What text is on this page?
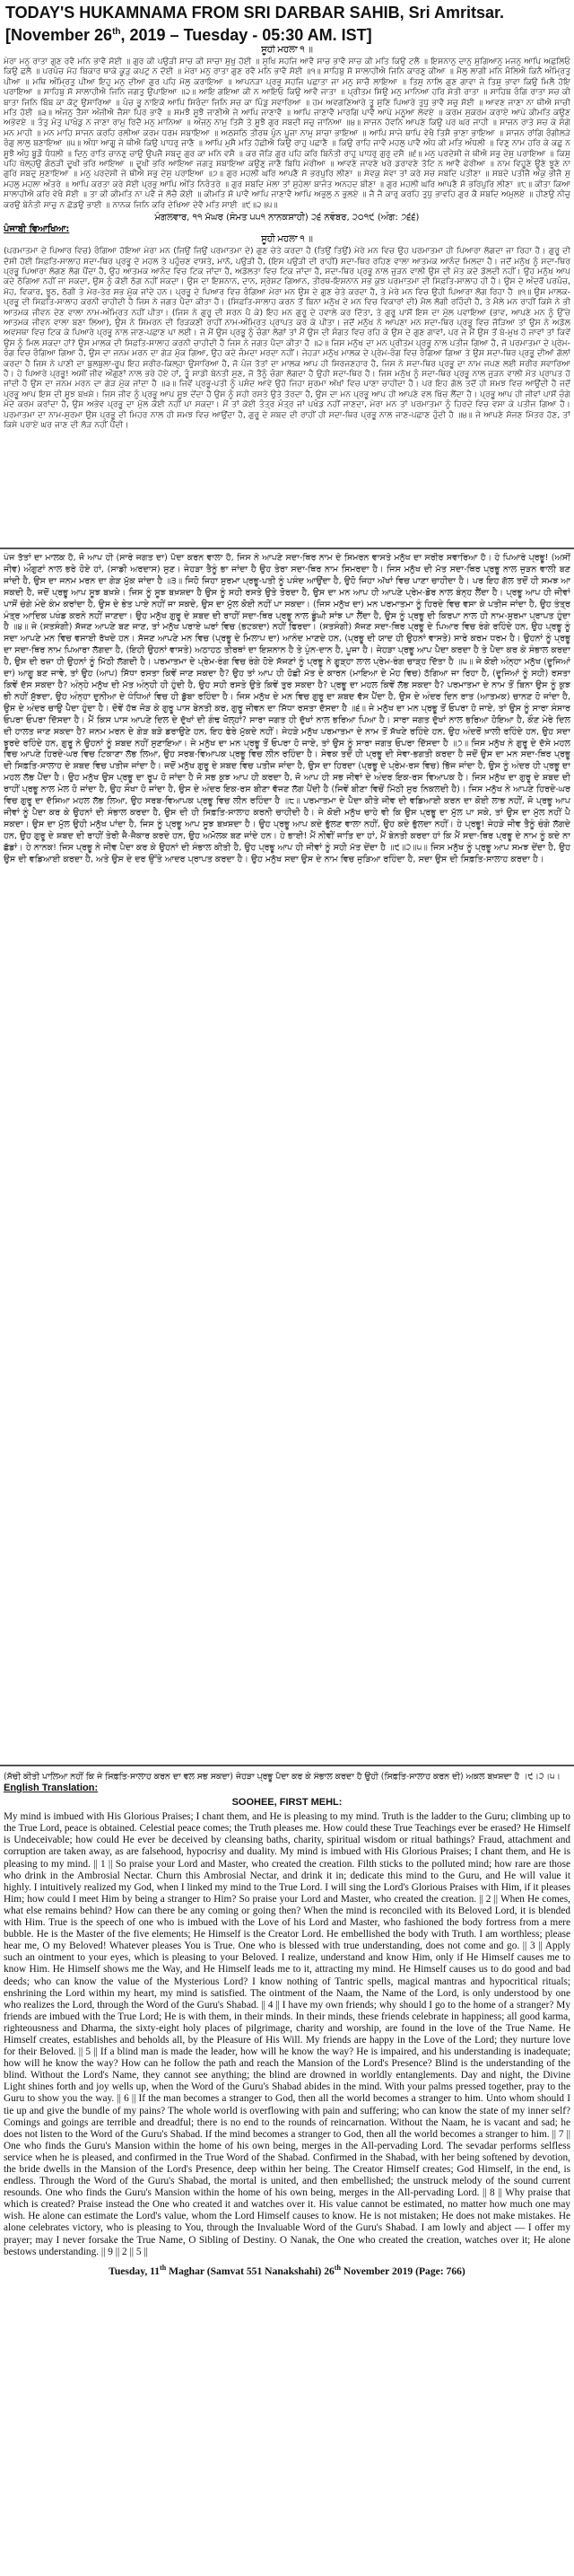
TODAY'S HUKAMNAMA FROM SRI DARBAR SAHIB, Sri Amritsar.
[November 26th, 2019 – Tuesday - 05:30 AM. IST]
ਸੂਹੀ ਮਹਲਾ ੧ ॥
ਮੇਰਾ ਮਨੁ ਰਾਤਾ ਗੁਣ ਰਵੈ ਮਨਿ ਭਾਵੈ ਸੋਈ ॥ ਗੁਰ ਕੀ ਪਉੜੀ ਸਾਚ ਕੀ ਸਾਚਾ ਸੁਖੁ ਹੋਈ ॥ ਸੁਖਿ ਸਹਜਿ ਆਵੈ ਸਾਚ ਭਾਵੈ ਸਾਚ ਕੀ ਮਤਿ ਕਿਉ ਟਲੈ ॥ ਇਸਨਾਨੁ ਦਾਨੁ ਸੁਗਿਆਨੁ ਮਜਨੁ ਆਪਿ ਅਛਲਿਓ ਕਿਉ ਛਲੈ ॥ ਪਰਪੰਚ ਮੋਹ ਬਿਕਾਰ ਥਾਕੇ ਕੂੜੁ ਕਪਟੁ ਨ ਦੋਈ ॥ ਮੇਰਾ ਮਨੁ ਰਾਤਾ ਗੁਣ ਰਵੈ ਮਨਿ ਭਾਵੈ ਸੋਈ ॥੧॥ ਸਾਹਿਬੁ ਸੋ ਸਾਲਾਹੀਐ ਜਿਨਿ ਕਾਰਣੁ ਕੀਆ ॥ ਮੈਲੁ ਲਾਗੀ ਮਨਿ ਮੈਲਿਐ ਕਿਨੈ ਅੰਮ੍ਰਿਤੁ ਪੀਆ ॥ ਮਥਿ ਅੰਮ੍ਰਿਤੁ ਪੀਆ ਇਹੁ ਮਨੁ ਦੀਆ ਗੁਰ ਪਹਿ ਮੋਲੁ ਕਰਾਇਆ ॥ ਆਪਨੜਾ ਪ੍ਰਭੁ ਸਹਜਿ ਪਛਾਤਾ ਜਾ ਮਨੁ ਸਾਚੈ ਲਾਇਆ ॥ ਤਿਸੁ ਨਾਲਿ ਗੁਣ ਗਾਵਾ ਜੇ ਤਿਸੁ ਭਾਵਾ ਕਿਉ ਮਿਲੈ ਹੋਇ ਪਰਾਇਆ ॥ ਸਾਹਿਬੁ ਸੋ ਸਾਲਾਹੀਐ ਜਿਨਿ ਜਗਤੁ ਉਪਾਇਆ ॥੨॥ ਆਇ ਗਇਆ ਕੀ ਨ ਆਇਓ ਕਿਉ ਆਵੈ ਜਾਤਾ ॥ ਪ੍ਰੀਤਮ ਸਿਉ ਮਨੁ ਮਾਨਿਆ ਹਰਿ ਸੇਤੀ ਰਾਤਾ ॥ ਸਾਹਿਬ ਰੰਗਿ ਰਾਤਾ ਸਚ ਕੀ ਬਾਤਾ ਜਿਨਿ ਬਿੰਬ ਕਾ ਕੋਟੁ ਉਸਾਰਿਆ ॥ ਪੰਚ ਭੂ ਨਾਇਕੋ ਆਪਿ ਸਿਰੰਦਾ ਜਿਨਿ ਸਚ ਕਾ ਪਿੰਡੁ ਸਵਾਰਿਆ ॥ ਹਮ ਅਵਗਣਿਆਰੇ ਤੂ ਸੁਣਿ ਪਿਆਰੇ ਤੁਧੁ ਭਾਵੈ ਸਚੁ ਸੋਈ ॥ ਆਵਣ ਜਾਣਾ ਨਾ ਥੀਐ ਸਾਚੀ ਮਤਿ ਹੋਈ ॥੩॥ ਅੰਜਨੁ ਤੈਸਾ ਅੰਜੀਐ ਜੈਸਾ ਪਿਰ ਭਾਵੈ ॥ ਸਮਝੈ ਸੂਝੈ ਜਾਣੀਐ ਜੇ ਆਪਿ ਜਾਣਾਵੈ ॥ ਆਪਿ ਜਾਣਾਵੈ ਮਾਰਗਿ ਪਾਵੈ ਆਪੇ ਮਨੂਆ ਲੇਵਏ ॥ ਕਰਮ ਸੁਕਰਮ ਕਰਾਏ ਆਪੇ ਕੀਮਤਿ ਕਉਣ ਅਭੇਵਏ ॥ ਤੰਤੁ ਮੰਤੁ ਪਾਖੰਡੁ ਨ ਜਾਣਾ ਰਾਮੁ ਰਿਦੈ ਮਨੁ ਮਾਨਿਆ ॥ ਅੰਜਨੁ ਨਾਮੁ ਤਿਸੈ ਤੇ ਸੂਝੈ ਗੁਰ ਸਬਦੀ ਸਚੁ ਜਾਨਿਆ ॥੪॥ ਸਾਜਨ ਹੋਵਨਿ ਆਪਣੇ ਕਿਉ ਪਰ ਘਰ ਜਾਹੀ ॥ ਸਾਜਨ ਰਾਤੇ ਸਚ ਕੇ ਸੰਗੇ ਮਨ ਮਾਹੀ ॥ ਮਨ ਮਾਹਿ ਸਾਜਨ ਕਰਹਿ ਰਲੀਆ ਕਰਮ ਧਰਮ ਸਬਾਇਆ ॥ ਅਠਸਠਿ ਤੀਰਥ ਪੁੰਨ ਪੂਜਾ ਨਾਮੁ ਸਾਚਾ ਭਾਇਆ ॥ ਆਪਿ ਸਾਜੇ ਥਾਪਿ ਵੇਖੈ ਤਿਸੈ ਭਾਣਾ ਭਾਇਆ ॥ ਸਾਜਨ ਰਾਂਗਿ ਰੰਗੀਲੜੇ ਰੰਗੁ ਲਾਲੁ ਬਣਾਇਆ ॥੫॥ ਅੰਧਾ ਆਗੂ ਜੇ ਥੀਐ ਕਿਉ ਪਾਧਰੁ ਜਾਣੈ ॥ ਆਪਿ ਮੁਸੈ ਮਤਿ ਹੋਛੀਐ ਕਿਉ ਰਾਹੁ ਪਛਾਣੈ ॥ ਕਿਉ ਰਾਹਿ ਜਾਵੈ ਮਹਲੁ ਪਾਵੈ ਅੰਧ ਕੀ ਮਤਿ ਅੰਧਲੀ ॥ ਵਿਣੁ ਨਾਮ ਹਰਿ ਕੇ ਕਛੁ ਨ ਸੂਝੈ ਅੰਧੁ ਬੂਡੌ ਧੰਧਲੀ ॥ ਦਿਨੁ ਰਾਤਿ ਚਾਨਣੁ ਚਾਉ ਉਪਜੈ ਸਬਦੁ ਗੁਰ ਕਾ ਮਨਿ ਵਸੈ ॥ ਕਰ ਜੋੜਿ ਗੁਰ ਪਹਿ ਕਰਿ ਬਿਨੰਤੀ ਰਾਹੁ ਪਾਧਰੁ ਗੁਰੁ ਦਸੈ ॥੬॥ ਮਨੁ ਪਰਦੇਸੀ ਜੇ ਥੀਐ ਸਭੁ ਦੇਸੁ ਪਰਾਇਆ ॥ ਕਿਸੁ ਪਹਿ ਖੋਲ੍ਹਉ ਗੰਠੜੀ ਦੂਖੀ ਭਰਿ ਆਇਆ ॥ ਦੂਖੀ ਭਰਿ ਆਇਆ ਜਗਤੁ ਸਬਾਇਆ ਕਉਣੁ ਜਾਣੈ ਬਿਧਿ ਮੇਰੀਆ ॥ ਆਵਣੇ ਜਾਵਣੇ ਖਰੇ ਡਰਾਵਣੇ ਤੋਟਿ ਨ ਆਵੈ ਫੇਰੀਆ ॥ ਨਾਮ ਵਿਹੂਣੇ ਊਣੇ ਝੂਣੇ ਨਾ ਗੁਰਿ ਸਬਦੁ ਸੁਣਾਇਆ ॥ ਮਨੁ ਪਰਦੇਸੀ ਜੇ ਥੀਐ ਸਭੁ ਦੇਸੁ ਪਰਾਇਆ ॥੭॥ ਗੁਰ ਮਹਲੀ ਘਰਿ ਆਪਣੈ ਸੋ ਭਰਪੁਰਿ ਲੀਣਾ ॥ ਸੇਵਕੁ ਸੇਵਾ ਤਾਂ ਕਰੇ ਸਚ ਸਬਦਿ ਪਤੀਣਾ ॥ ਸਬਦੇ ਪਤੀਜੈ ਅੰਕੁ ਭੀਜੈ ਸੁ ਮਹਲੁ ਮਹਲਾ ਅੰਤਰੇ ॥ ਆਪਿ ਕਰਤਾ ਕਰੇ ਸੋਈ ਪ੍ਰਭੁ ਆਪਿ ਅੰਤਿ ਨਿਰੰਤਰੇ ॥ ਗੁਰ ਸਬਦਿ ਮੇਲਾ ਤਾਂ ਸੁਹੇਲਾ ਬਾਜੰਤ ਅਨਹਦ ਬੀਣਾ ॥ ਗੁਰ ਮਹਲੀ ਘਰਿ ਆਪਣੈ ਸੋ ਭਰਿਪੁਰਿ ਲੀਣਾ ॥੮॥ ਕੀਤਾ ਕਿਆ ਸਾਲਾਹੀਐ ਕਰਿ ਵੇਖੈ ਸੋਈ ॥ ਤਾ ਕੀ ਕੀਮਤਿ ਨਾ ਪਵੈ ਜੇ ਲੋਚੈ ਕੋਈ ॥ ਕੀਮਤਿ ਸੋ ਪਾਵੈ ਆਪਿ ਜਾਣਾਵੈ ਆਪਿ ਅਭੁਲੁ ਨ ਭੁਲਏ ॥ ਜੈ ਜੈ ਕਾਰੁ ਕਰਹਿ ਤੁਧੁ ਭਾਵਹਿ ਗੁਰ ਕੈ ਸਬਦਿ ਅਮੁਲਏ ॥ ਹੀਣਉ ਨੀਚੁ ਕਰਉ ਬੇਨੰਤੀ ਸਾਚੁ ਨ ਛੋਡਉ ਭਾਈ ॥ ਨਾਨਕ ਜਿਨਿ ਕਰਿ ਦੇਖਿਆ ਦੇਵੈ ਮਤਿ ਸਾਈ ॥੯॥੨॥੫॥
ਮੰਗਲਵਾਰ, ੧੧ ਮੱਘਰ (ਸੰਮਤ ੫੫੧ ਨਾਨਕਸ਼ਾਹੀ) ੨੬ ਨਵੰਬਰ, ੨੦੧੯ (ਅੰਗ: ੭੬੬)
ਪੰਜਾਬੀ ਵਿਆਖਿਆ:
ਸੂਹੀ ਮਹਲਾ ੧ ॥
(ਪਰਮਾਤਮਾ ਦੇ ਪਿਆਰ ਵਿਚ) ਰੰਗਿਆ ਹੋਇਆ ਮੇਰਾ ਮਨ (ਜਿਉਂ ਜਿਉਂ ਪਰਮਾਤਮਾ ਦੇ) ਗੁਣ ਚੇਤੇ ਕਰਦਾ ਹੈ (ਤਿਉਂ ਤਿਉਂ) ਮੇਰੇ ਮਨ ਵਿਚ ਉਹ ਪਰਮਾਤਮਾ ਹੀ ਪਿਆਰਾ ਲੱਗਦਾ ਜਾ ਰਿਹਾ ਹੈ। ਗੁਰੂ ਦੀ ਦੱਸੀ ਹੋਈ ਸਿਫ਼ਤਿ-ਸਾਲਾਹ ਸਦਾ-ਥਿਰ ਪ੍ਰਭੂ ਦੇ ਮਹਲ ਤੇ ਪਹੁੰਚਣ ਵਾਸਤੇ, ਮਾਨੋ, ਪਉੜੀ ਹੈ, (ਇਸ ਪਉੜੀ ਦੀ ਰਾਹੀਂ) ਸਦਾ-ਥਿਰ ਰਹਿਣ ਵਾਲਾ ਆਤਮਕ ਆਨੰਦ ਮਿਲਦਾ ਹੈ। ਜਦੋਂ ਮਨੁੱਖ ਨੂੰ ਸਦਾ-ਥਿਰ ਪ੍ਰਭੂ ਪਿਆਰਾ ਲੱਗਣ ਲੱਗ ਪੈਂਦਾ ਹੈ, ਉਹ ਆਤਮਕ ਆਨੰਦ ਵਿਚ ਟਿਕ ਜਾਂਦਾ ਹੈ, ਅਡੋਲਤਾ ਵਿਚ ਟਿਕ ਜਾਂਦਾ ਹੈ, ਸਦਾ-ਥਿਰ ਪ੍ਰਭੂ ਨਾਲ ਜੁੜਨ ਵਾਲੀ ਉਸ ਦੀ ਮੱਤ ਕਦੇ ਡੋਲਦੀ ਨਹੀਂ। ਉਹ ਮਨੁੱਖ ਆਪ ਕਦੇ ਠੱਗਿਆ ਨਹੀਂ ਜਾ ਸਕਦਾ, ਉਸ ਨੂੰ ਕੋਈ ਠੱਗ ਨਹੀਂ ਸਕਦਾ। ਉਸ ਦਾ ਇਸ਼ਨਾਨ, ਦਾਨ, ਸ੍ਰੇਸ਼ਟ ਗਿਆਨ, ਤੀਰਥ-ਇਸ਼ਨਾਨ ਸਭ ਕੁਝ ਪਰਮਾਤਮਾ ਦੀ ਸਿਫ਼ਤਿ-ਸਾਲਾਹ ਹੀ ਹੈ। ਉਸ ਦੇ ਅੰਦਰੋਂ ਪਰਪੰਚ, ਮੋਹ, ਵਿਕਾਰ, ਝੂਠ, ਠੱਗੀ ਤੇ ਮੇਰ-ਤੇਰ ਸਭ ਮੁੱਕ ਜਾਂਦੇ ਹਨ। ਪ੍ਰਭੂ ਦੇ ਪਿਆਰ ਵਿਚ ਰੰਗਿਆ ਮੇਰਾ ਮਨ ਉਸ ਦੇ ਗੁਣ ਚੇਤੇ ਕਰਦਾ ਹੈ, ਤੇ ਮੇਰੇ ਮਨ ਵਿਚ ਉਹੀ ਪਿਆਰਾ ਲੱਗ ਰਿਹਾ ਹੈ ॥੧॥ ਉਸ ਮਾਲਕ-ਪ੍ਰਭੂ ਦੀ ਸਿਫ਼ਤਿ-ਸਾਲਾਹ ਕਰਨੀ ਚਾਹੀਦੀ ਹੈ ਜਿਸ ਨੇ ਜਗਤ ਪੈਦਾ ਕੀਤਾ ਹੈ। (ਸਿਫ਼ਤਿ-ਸਾਲਾਹ ਕਰਨ ਤੋਂ ਬਿਨਾ ਮਨੁੱਖ ਦੇ ਮਨ ਵਿਚ ਵਿਕਾਰਾਂ ਦੀ) ਮੈਲ ਲੱਗੀ ਰਹਿੰਦੀ ਹੈ, ਤੇ ਮੈਲੇ ਮਨ ਰਾਹੀਂ ਕਿਸੇ ਨੇ ਭੀ ਆਤਮਕ ਜੀਵਨ ਦੇਣ ਵਾਲਾ ਨਾਮ-ਅੰਮ੍ਰਿਤ ਨਹੀਂ ਪੀਤਾ। (ਜਿਸ ਨੇ ਗੁਰੂ ਦੀ ਸਰਨ ਪੈ ਕੇ) ਇਹ ਮਨ ਗੁਰੂ ਦੇ ਹਵਾਲੇ ਕਰ ਦਿੱਤਾ, ਤੇ ਗੁਰੂ ਪਾਸੋਂ ਇਸ ਦਾ ਮੁੱਲ ਪਵਾਇਆ (ਭਾਵ, ਆਪਣੇ ਮਨ ਨੂੰ ਉੱਚੇ ਆਤਮਕ ਜੀਵਨ ਵਾਲਾ ਬਣਾ ਲਿਆ), ਉਸ ਨੇ ਸਿਮਰਨ ਦੀ ਰਿੜਕਣੀ ਰਾਹੀਂ ਨਾਮ-ਅੰਮ੍ਰਿਤ ਪ੍ਰਾਪਤ ਕਰ ਕੇ ਪੀਤਾ। ਜਦੋਂ ਮਨੁੱਖ ਨੇ ਆਪਣਾ ਮਨ ਸਦਾ-ਥਿਰ ਪ੍ਰਭੂ ਵਿਚ ਜੋੜਿਆ ਤਾਂ ਉਸ ਨੇ ਅਡੋਲ ਅਵਸਥਾ ਵਿਚ ਟਿਕ ਕੇ ਪਿਆਰੇ ਪ੍ਰਭੂ ਨਾਲ ਜਾਣ-ਪਛਾਣ ਪਾ ਲਈ। ਜੇ ਮੈਂ ਉਸ ਪ੍ਰਭੂ ਨੂੰ ਚੰਗਾ ਲੱਗਾਂ ਤਾਂ ਮੈਂ ਉਸ ਦੀ ਸੰਗਤ ਵਿਚ ਰਹਿ ਕੇ ਉਸ ਦੇ ਗੁਣ ਗਾਵਾਂ, ਪਰ ਜੇ ਮੈਂ ਉਸ ਤੋਂ ਬੇ-ਮੁਖ ਹੋ ਜਾਵਾਂ ਤਾਂ ਕਿਵੇਂ ਉਸ ਨੂੰ ਮਿਲ ਸਕਦਾ ਹਾਂ? ਉਸ ਮਾਲਕ ਦੀ ਸਿਫ਼ਤਿ-ਸਾਲਾਹ ਕਰਨੀ ਚਾਹੀਦੀ ਹੈ ਜਿਸ ਨੇ ਜਗਤ ਪੈਦਾ ਕੀਤਾ ਹੈ ॥੨॥ ਜਿਸ ਮਨੁੱਖ ਦਾ ਮਨ ਪ੍ਰੀਤਮ ਪ੍ਰਭੂ ਨਾਲ ਪਤੀਜ ਗਿਆ ਹੈ, ਜੋ ਪਰਮਾਤਮਾ ਦੇ ਪ੍ਰੇਮ-ਰੰਗ ਵਿਚ ਰੰਗਿਆ ਗਿਆ ਹੈ, ਉਸ ਦਾ ਜਨਮ ਮਰਨ ਦਾ ਗੇੜ ਮੁੱਕ ਗਿਆ, ਉਹ ਕਦੇ ਜੰਮਦਾ ਮਰਦਾ ਨਹੀਂ। ਜੇਹੜਾ ਮਨੁੱਖ ਮਾਲਕ ਦੇ ਪ੍ਰੇਮ-ਰੰਗ ਵਿਚ ਰੰਗਿਆ ਗਿਆ ਤੇ ਉਸ ਸਦਾ-ਥਿਰ ਪ੍ਰਭੂ ਦੀਆਂ ਗੱਲਾਂ ਕਰਦਾ ਹੈ ਜਿਸ ਨੇ ਪਾਣੀ ਦਾ ਬੁਲਬੁਲਾ-ਰੂਪ ਇਹ ਸਰੀਰ-ਕਿਲ੍ਹਾ ਉਸਾਰਿਆ ਹੈ, ਜੋ ਪੰਜ ਤੱਤਾਂ ਦਾ ਮਾਲਕ ਆਪ ਹੀ ਸਿਰਜਣਹਾਰ ਹੈ, ਜਿਸ ਨੇ ਸਦਾ-ਥਿਰ ਪ੍ਰਭੂ ਦਾ ਨਾਮ ਜਪਣ ਲਈ ਸਰੀਰ ਸਵਾਰਿਆ ਹੈ। ਹੇ ਪਿਆਰੇ ਪ੍ਰਭੂ! ਅਸੀਂ ਜੀਵ ਔਗੁਣਾਂ ਨਾਲ ਭਰੇ ਹੋਏ ਹਾਂ, ਤੂੰ ਸਾਡੀ ਬੇਨਤੀ ਸੁਣ, ਜੋ ਤੈਨੂੰ ਚੰਗਾ ਲੱਗਦਾ ਹੈ ਉਹੀ ਸਦਾ-ਥਿਰ ਹੈ। ਜਿਸ ਮਨੁੱਖ ਨੂੰ ਸਦਾ-ਥਿਰ ਪ੍ਰਭੂ ਨਾਲ ਜੁੜਨ ਵਾਲੀ ਮੱਤ ਪ੍ਰਾਪਤ ਹੋ ਜਾਂਦੀ ਹੈ ਉਸ ਦਾ ਜਨਮ ਮਰਨ ਦਾ ਗੇੜ ਮੁੱਕ ਜਾਂਦਾ ਹੈ ॥੩॥ ਜਿਵੇਂ ਪ੍ਰਭੂ-ਪਤੀ ਨੂੰ ਪਸੰਦ ਆਵੇ ਉਹੋ ਜਿਹਾ ਸੁਰਮਾ ਅੱਖਾਂ ਵਿਚ ਪਾਣਾ ਚਾਹੀਦਾ ਹੈ। ਪਰ ਇਹ ਗੱਲ ਤਦੋਂ ਹੀ ਸਮਝ ਵਿਚ ਆਉਂਦੀ ਹੈ ਜਦੋਂ ਪ੍ਰਭੂ ਆਪ ਇਸ ਦੀ ਸੂਝ ਬਖ਼ਸ਼ੇ। ਜਿਸ ਜੀਵ ਨੂੰ ਪ੍ਰਭੂ ਆਪ ਸੂਝ ਦੇਂਦਾ ਹੈ ਉਸ ਨੂੰ ਸਹੀ ਰਸਤੇ ਉਤੇ ਤੋਰਦਾ ਹੈ, ਉਸ ਦਾ ਮਨ ਪ੍ਰਭੂ ਆਪ ਹੀ ਆਪਣੇ ਵਲ ਖਿੱਚ ਲੈਂਦਾ ਹੈ। ਪ੍ਰਭੂ ਆਪ ਹੀ ਜੀਵਾਂ ਪਾਸੋਂ ਚੰਗੇ ਮੰਦੇ ਕਰਮ ਕਰਾਂਦਾ ਹੈ, ਉਸ ਅਭੇਵ ਪ੍ਰਭੂ ਦਾ ਮੁੱਲ ਕੋਈ ਨਹੀਂ ਪਾ ਸਕਦਾ। ਮੈਂ ਤਾਂ ਕੋਈ ਤੰਤ੍ਰ ਮੰਤ੍ਰ ਜਾਂ ਪਖੰਡ ਨਹੀਂ ਜਾਣਦਾ, ਮੇਰਾ ਮਨ ਤਾਂ ਪਰਮਾਤਮਾ ਨੂੰ ਹਿਰਦੇ ਵਿਚ ਵਸਾ ਕੇ ਪਤੀਜ ਗਿਆ ਹੈ। ਪਰਮਾਤਮਾ ਦਾ ਨਾਮ-ਸੁਰਮਾ ਉਸ ਪ੍ਰਭੂ ਦੀ ਮਿਹਰ ਨਾਲ ਹੀ ਸਮਝ ਵਿਚ ਆਉਂਦਾ ਹੈ, ਗੁਰੂ ਦੇ ਸ਼ਬਦ ਦੀ ਰਾਹੀਂ ਹੀ ਸਦਾ-ਥਿਰ ਪ੍ਰਭੂ ਨਾਲ ਜਾਣ-ਪਛਾਣ ਹੁੰਦੀ ਹੈ ॥੪॥ ਜੇ ਆਪਣੇ ਸੱਜਣ ਮਿੱਤਰ ਹੋਣ, ਤਾਂ ਕਿਸੇ ਪਰਾਏ ਘਰ ਜਾਣ ਦੀ ਲੋੜ ਨਹੀਂ ਪੈਂਦੀ।
ਪੰਜ ਤੱਤਾਂ ਦਾ ਮਾਲਕ ਹੈ, ਜੋ ਆਪ ਹੀ (ਸਾਰੇ ਜਗਤ ਦਾ) ਪੈਦਾ ਕਰਨ ਵਾਲਾ ਹੈ, ਜਿਸ ਨੇ ਆਪਣੇ ਸਦਾ-ਥਿਰ ਨਾਮ ਦੇ ਸਿਮਰਨ ਵਾਸਤੇ ਮਨੁੱਖ ਦਾ ਸਰੀਰ ਸਵਾਰਿਆ ਹੈ। ਹੇ ਪਿਆਰੇ ਪ੍ਰਭੂ! (ਅਸੀਂ ਜੀਵ) ਔਗੁਣਾਂ ਨਾਲ ਭਰੇ ਹੋਏ ਹਾਂ, (ਸਾਡੀ ਅਰਦਾਸ) ਸੁਣ। ਜੇਹੜਾ ਤੈਨੂੰ ਭਾ ਜਾਂਦਾ ਹੈ ਉਹ ਤੇਰਾ ਸਦਾ-ਥਿਰ ਨਾਮ ਸਿਮਰਦਾ ਹੈ। ਜਿਸ ਮਨੁੱਖ ਦੀ ਮੱਤ ਸਦਾ-ਥਿਰ ਪ੍ਰਭੂ ਨਾਲ ਜੁੜਨ ਵਾਲੀ ਬਣ ਜਾਂਦੀ ਹੈ, ਉਸ ਦਾ ਜਨਮ ਮਰਨ ਦਾ ਗੇੜ ਮੁੱਕ ਜਾਂਦਾ ਹੈ ॥੩॥ ਜਿਹੋ ਜਿਹਾ ਸੁਰਮਾ ਪ੍ਰਭੂ-ਪਤੀ ਨੂੰ ਪਸੰਦ ਆਉਂਦਾ ਹੈ, ਉਹੋ ਜਿਹਾ ਅੱਖਾਂ ਵਿਚ ਪਾਣਾ ਚਾਹੀਦਾ ਹੈ। ਪਰ ਇਹ ਗੱਲ ਤਦੋਂ ਹੀ ਸਮਝ ਆ ਸਕਦੀ ਹੈ, ਜਦੋਂ ਪ੍ਰਭੂ ਆਪ ਸੂਝ ਬਖ਼ਸ਼ੇ। ਜਿਸ ਨੂੰ ਸੂਝ ਬਖ਼ਸ਼ਦਾ ਹੈ ਉਸ ਨੂੰ ਸਹੀ ਰਸਤੇ ਉਤੇ ਤੋਰਦਾ ਹੈ, ਉਸ ਦਾ ਮਨ ਆਪ ਹੀ ਆਪਣੇ ਪ੍ਰੇਮ-ਡੋਰ ਨਾਲ ਬੰਨ੍ਹ ਲੈਂਦਾ ਹੈ। ਪ੍ਰਭੂ ਆਪ ਹੀ ਜੀਵਾਂ ਪਾਸੋਂ ਚੰਗੇ ਮੰਦੇ ਕੰਮ ਕਰਾਂਦਾ ਹੈ, ਉਸ ਦੇ ਭੇਤ ਪਾਏ ਨਹੀਂ ਜਾ ਸਕਦੇ, ਉਸ ਦਾ ਮੁੱਲ ਕੋਈ ਨਹੀਂ ਪਾ ਸਕਦਾ। (ਜਿਸ ਮਨੁੱਖ ਦਾ) ਮਨ ਪਰਮਾਤਮਾ ਨੂੰ ਹਿਰਦੇ ਵਿਚ ਵਸਾ ਕੇ ਪਤੀਜ ਜਾਂਦਾ ਹੈ, ਉਹ ਤੰਤ੍ਰ ਮੰਤ੍ਰ ਆਦਿਕ ਪਖੰਡ ਕਰਨੇ ਨਹੀਂ ਜਾਣਦਾ। ਉਹ ਮਨੁੱਖ ਗੁਰੂ ਦੇ ਸ਼ਬਦ ਦੀ ਰਾਹੀਂ ਸਦਾ-ਥਿਰ ਪ੍ਰਭੂ ਨਾਲ ਡੂੰਘੀ ਸਾਂਝ ਪਾ ਲੈਂਦਾ ਹੈ, ਉਸ ਨੂੰ ਪ੍ਰਭੂ ਦੀ ਕਿਰਪਾ ਨਾਲ ਹੀ ਨਾਮ-ਸੁਰਮਾ ਪ੍ਰਾਪਤ ਹੁੰਦਾ ਹੈ ॥੪॥ ਜੇ (ਸਤਸੰਗੀ) ਸੱਜਣ ਆਪਣੇ ਬਣ ਜਾਣ, ਤਾਂ ਮਨੁੱਖ ਪਰਾਏ ਘਰਾਂ ਵਿਚ (ਭਟਕਦਾ) ਨਹੀਂ ਫਿਰਦਾ। (ਸਤਸੰਗੀ) ਸੱਜਣ ਸਦਾ-ਥਿਰ ਪ੍ਰਭੂ ਦੇ ਪਿਆਰ ਵਿਚ ਰੰਗੇ ਰਹਿੰਦੇ ਹਨ, ਉਹ ਪ੍ਰਭੂ ਨੂੰ ਸਦਾ ਆਪਣੇ ਮਨ ਵਿਚ ਵਸਾਈ ਰੱਖਦੇ ਹਨ। ਸੱਜਣ ਆਪਣੇ ਮਨ ਵਿਚ (ਪ੍ਰਭੂ ਦੇ ਮਿਲਾਪ ਦਾ) ਆਨੰਦ ਮਾਣਦੇ ਹਨ, (ਪ੍ਰਭੂ ਦੀ ਯਾਦ ਹੀ ਉਹਨਾਂ ਵਾਸਤੇ) ਸਾਰੇ ਕਰਮ ਧਰਮ ਹੈ। ਉਹਨਾਂ ਨੂੰ ਪ੍ਰਭੂ ਦਾ ਸਦਾ-ਥਿਰ ਨਾਮ ਪਿਆਰਾ ਲੱਗਦਾ ਹੈ, (ਇਹੀ ਉਹਨਾਂ ਵਾਸਤੇ) ਅਠਾਹਠ ਤੀਰਥਾਂ ਦਾ ਇਸ਼ਨਾਨ ਹੈ ਤੇ ਪੁੰਨ-ਦਾਨ ਹੈ, ਪੂਜਾ ਹੈ। ਜੇਹੜਾ ਪ੍ਰਭੂ ਆਪ ਪੈਦਾ ਕਰਦਾ ਹੈ ਤੇ ਪੈਦਾ ਕਰ ਕੇ ਸੰਭਾਲ ਕਰਦਾ ਹੈ, ਉਸ ਦੀ ਰਜ਼ਾ ਹੀ ਉਹਨਾਂ ਨੂੰ ਮਿੱਠੀ ਲੱਗਦੀ ਹੈ। ਪਰਮਾਤਮਾ ਦੇ ਪ੍ਰੇਮ-ਰੰਗ ਵਿਚ ਰੰਗੇ ਹੋਏ ਸੱਜਣਾਂ ਨੂੰ ਪ੍ਰਭੂ ਨੇ ਗੂੜ੍ਹਾ ਲਾਲ ਪ੍ਰੇਮ-ਰੰਗ ਚਾੜ੍ਹ ਦਿੱਤਾ ਹੈ ॥੫॥ ਜੇ ਕੋਈ ਅੰਨ੍ਹਾ ਮਨੁੱਖ (ਦੂਜਿਆਂ ਦਾ) ਆਗੂ ਬਣ ਜਾਵੇ, ਤਾਂ ਉਹ (ਆਪ) ਸਿੱਧਾ ਰਸਤਾ ਕਿਵੇਂ ਜਾਣ ਸਕਦਾ ਹੈ? ਉਹ ਤਾਂ ਆਪ ਹੀ ਹੋਛੀ ਮੱਤ ਦੇ ਕਾਰਨ (ਮਾਇਆ ਦੇ ਮੋਹ ਵਿਚ) ਠੱਗਿਆ ਜਾ ਰਿਹਾ ਹੈ, (ਦੂਜਿਆਂ ਨੂੰ ਸਹੀ) ਰਸਤਾ ਕਿਵੇਂ ਦੱਸ ਸਕਦਾ ਹੈ? ਅੰਨ੍ਹੇ ਮਨੁੱਖ ਦੀ ਮੱਤ ਅੰਨ੍ਹੀ ਹੀ ਹੁੰਦੀ ਹੈ, ਉਹ ਸਹੀ ਰਸਤੇ ਉਤੇ ਕਿਵੇਂ ਤੁਰ ਸਕਦਾ ਹੈ? ਪ੍ਰਭੂ ਦਾ ਮਹਲ ਕਿਵੇਂ ਲੱਭ ਸਕਦਾ ਹੈ? ਪਰਮਾਤਮਾ ਦੇ ਨਾਮ ਤੋਂ ਬਿਨਾ ਉਸ ਨੂੰ ਕੁਝ ਭੀ ਨਹੀਂ ਸੁੱਝਦਾ, ਉਹ ਅੰਨ੍ਹਾ ਦੁਨੀਆ ਦੇ ਧੰਧਿਆਂ ਵਿਚ ਹੀ ਡੁੱਬਾ ਰਹਿੰਦਾ ਹੈ। ਜਿਸ ਮਨੁੱਖ ਦੇ ਮਨ ਵਿਚ ਗੁਰੂ ਦਾ ਸ਼ਬਦ ਵੱਸ ਪੈਂਦਾ ਹੈ, ਉਸ ਦੇ ਅੰਦਰ ਦਿਨ ਰਾਤ (ਆਤਮਕ) ਚਾਨਣ ਹੋ ਜਾਂਦਾ ਹੈ, ਉਸ ਦੇ ਅੰਦਰ ਚਾਉ ਪੈਦਾ ਹੁੰਦਾ ਹੈ। ਦੋਵੇਂ ਹੱਥ ਜੋੜ ਕੇ ਗੁਰੂ ਪਾਸ ਬੇਨਤੀ ਕਰ, ਗੁਰੂ ਜੀਵਨ ਦਾ ਸਿੱਧਾ ਰਸਤਾ ਦੱਸਦਾ ਹੈ ॥੬॥ ਜੇ ਮਨੁੱਖ ਦਾ ਮਨ ਪ੍ਰਭੂ ਤੋਂ ਓਪਰਾ ਹੋ ਜਾਏ, ਤਾਂ ਉਸ ਨੂੰ ਸਾਰਾ ਸੰਸਾਰ ਓਪਰਾ ਓਪਰਾ ਦਿੱਸਦਾ ਹੈ। ਮੈਂ ਕਿਸ ਪਾਸ ਆਪਣੇ ਦਿਲ ਦੇ ਦੁੱਖਾਂ ਦੀ ਗੰਢ ਖੋਲ੍ਹਾਂ? ਸਾਰਾ ਜਗਤ ਹੀ ਦੁੱਖਾਂ ਨਾਲ ਭਰਿਆ ਪਿਆ ਹੈ। ਸਾਰਾ ਜਗਤ ਦੁੱਖਾਂ ਨਾਲ ਭਰਿਆ ਹੋਇਆ ਹੈ, ਕੌਣ ਮੇਰੇ ਦਿਲ ਦੀ ਹਾਲਤ ਜਾਣ ਸਕਦਾ ਹੈ? ਜਨਮ ਮਰਨ ਦੇ ਗੇੜ ਬੜੇ ਡਰਾਉਣੇ ਹਨ, ਇਹ ਫੇਰੇ ਮੁੱਕਦੇ ਨਹੀਂ। ਜੇਹੜੇ ਮਨੁੱਖ ਪਰਮਾਤਮਾ ਦੇ ਨਾਮ ਤੋਂ ਸੱਖਣੇ ਰਹਿੰਦੇ ਹਨ, ਉਹ ਅੰਦਰੋਂ ਖ਼ਾਲੀ ਰਹਿੰਦੇ ਹਨ, ਉਹ ਸਦਾ ਝੂਰਦੇ ਰਹਿੰਦੇ ਹਨ, ਗੁਰੂ ਨੇ ਉਹਨਾਂ ਨੂੰ ਸ਼ਬਦ ਨਹੀਂ ਸੁਣਾਇਆ। ਜੇ ਮਨੁੱਖ ਦਾ ਮਨ ਪ੍ਰਭੂ ਤੋਂ ਓਪਰਾ ਹੋ ਜਾਏ, ਤਾਂ ਉਸ ਨੂੰ ਸਾਰਾ ਜਗਤ ਓਪਰਾ ਦਿੱਸਦਾ ਹੈ ॥੭॥ ਜਿਸ ਮਨੁੱਖ ਨੇ ਗੁਰੂ ਦੇ ਦੱਸੇ ਮਹਲ ਵਿਚ ਆਪਣੇ ਹਿਰਦੇ-ਘਰ ਵਿਚ ਟਿਕਾਣਾ ਲੱਭ ਲਿਆ, ਉਹ ਸਰਬ-ਵਿਆਪਕ ਪ੍ਰਭੂ ਵਿਚ ਲੀਨ ਰਹਿੰਦਾ ਹੈ। ਸੇਵਕ ਤਦੋਂ ਹੀ ਪ੍ਰਭੂ ਦੀ ਸੇਵਾ-ਭਗਤੀ ਕਰਦਾ ਹੈ ਜਦੋਂ ਉਸ ਦਾ ਮਨ ਸਦਾ-ਥਿਰ ਪ੍ਰਭੂ ਦੀ ਸਿਫ਼ਤਿ-ਸਾਲਾਹ ਦੇ ਸ਼ਬਦ ਵਿਚ ਪਤੀਜ ਜਾਂਦਾ ਹੈ। ਜਦੋਂ ਮਨੁੱਖ ਗੁਰੂ ਦੇ ਸ਼ਬਦ ਵਿਚ ਪਤੀਜ ਜਾਂਦਾ ਹੈ, ਉਸ ਦਾ ਹਿਰਦਾ (ਪ੍ਰਭੂ ਦੇ ਪ੍ਰੇਮ-ਰਸ ਵਿਚ) ਭਿੱਜ ਜਾਂਦਾ ਹੈ, ਉਸ ਨੂੰ ਅੰਦਰ ਹੀ ਪ੍ਰਭੂ ਦਾ ਮਹਲ ਲੱਭ ਪੈਂਦਾ ਹੈ। ਉਹ ਮਨੁੱਖ ਉਸ ਪ੍ਰਭੂ ਦਾ ਰੂਪ ਹੋ ਜਾਂਦਾ ਹੈ ਜੋ ਸਭ ਕੁਝ ਆਪ ਹੀ ਕਰਦਾ ਹੈ, ਜੋ ਆਪ ਹੀ ਸਭ ਜੀਵਾਂ ਦੇ ਅੰਦਰ ਇਕ-ਰਸ ਵਿਆਪਕ ਹੈ। ਜਿਸ ਮਨੁੱਖ ਦਾ ਗੁਰੂ ਦੇ ਸ਼ਬਦ ਦੀ ਰਾਹੀਂ ਪ੍ਰਭੂ ਨਾਲ ਮੇਲ ਹੋ ਜਾਂਦਾ ਹੈ, ਉਹ ਸੌਖਾ ਹੋ ਜਾਂਦਾ ਹੈ, ਉਸ ਦੇ ਅੰਦਰ ਇਕ-ਰਸ ਬੀਣਾ ਵੱਜਣ ਲੱਗ ਪੈਂਦੀ ਹੈ (ਜਿਵੇਂ ਬੀਣਾ ਵਿਚੋਂ ਮਿੱਠੀ ਸੁਰ ਨਿਕਲਦੀ ਹੈ)। ਜਿਸ ਮਨੁੱਖ ਨੇ ਆਪਣੇ ਹਿਰਦੇ-ਘਰ ਵਿਚ ਗੁਰੂ ਦਾ ਦੱਸਿਆ ਮਹਲ ਲੱਭ ਲਿਆ, ਉਹ ਸਰਬ-ਵਿਆਪਕ ਪ੍ਰਭੂ ਵਿਚ ਲੀਨ ਰਹਿੰਦਾ ਹੈ ॥੮॥ ਪਰਮਾਤਮਾ ਦੇ ਪੈਦਾ ਕੀਤੇ ਜੀਵ ਦੀ ਵਡਿਆਈ ਕਰਨ ਦਾ ਕੋਈ ਲਾਭ ਨਹੀਂ, ਜੋ ਪ੍ਰਭੂ ਆਪ ਜੀਵਾਂ ਨੂੰ ਪੈਦਾ ਕਰ ਕੇ ਉਹਨਾਂ ਦੀ ਸੰਭਾਲ ਕਰਦਾ ਹੈ, ਉਸ ਦੀ ਹੀ ਸਿਫ਼ਤਿ-ਸਾਲਾਹ ਕਰਨੀ ਚਾਹੀਦੀ ਹੈ। ਜੇ ਕੋਈ ਮਨੁੱਖ ਚਾਹੇ ਵੀ ਕਿ ਉਸ ਪ੍ਰਭੂ ਦਾ ਮੁੱਲ ਪਾ ਸਕੇ, ਤਾਂ ਉਸ ਦਾ ਮੁੱਲ ਨਹੀਂ ਪੈ ਸਕਦਾ। ਉਸ ਦਾ ਮੁੱਲ ਉਹੀ ਮਨੁੱਖ ਪਾਂਦਾ ਹੈ, ਜਿਸ ਨੂੰ ਪ੍ਰਭੂ ਆਪ ਸੂਝ ਬਖ਼ਸ਼ਦਾ ਹੈ। ਉਹ ਪ੍ਰਭੂ ਆਪ ਕਦੇ ਭੁੱਲਣ ਵਾਲਾ ਨਹੀਂ, ਉਹ ਕਦੇ ਭੁੱਲਦਾ ਨਹੀਂ। ਹੇ ਪ੍ਰਭੂ! ਜੇਹੜੇ ਜੀਵ ਤੈਨੂੰ ਚੰਗੇ ਲੱਗਦੇ ਹਨ, ਉਹ ਗੁਰੂ ਦੇ ਸ਼ਬਦ ਦੀ ਰਾਹੀਂ ਤੇਰੀ ਜੈ-ਜੈਕਾਰ ਕਰਦੇ ਹਨ, ਉਹ ਅਮੋਲਕ ਬਣ ਜਾਂਦੇ ਹਨ। ਹੇ ਭਾਈ! ਮੈਂ ਨੀਵੀਂ ਜਾਤਿ ਦਾ ਹਾਂ, ਮੈਂ ਬੇਨਤੀ ਕਰਦਾ ਹਾਂ ਕਿ ਮੈਂ ਸਦਾ-ਥਿਰ ਪ੍ਰਭੂ ਦੇ ਨਾਮ ਨੂੰ ਕਦੇ ਨਾ ਛੱਡਾਂ। ਹੇ ਨਾਨਕ! ਜਿਸ ਪ੍ਰਭੂ ਨੇ ਜੀਵ ਪੈਦਾ ਕਰ ਕੇ ਉਹਨਾਂ ਦੀ ਸੰਭਾਲ ਕੀਤੀ ਹੈ, ਉਹ ਪ੍ਰਭੂ ਆਪ ਹੀ ਜੀਵਾਂ ਨੂੰ ਸਹੀ ਮੱਤ ਦੇਂਦਾ ਹੈ ॥੯॥੨॥੫॥ ਜਿਸ ਮਨੁੱਖ ਨੂੰ ਪ੍ਰਭੂ ਆਪ ਸਮਝ ਦੇਂਦਾ ਹੈ, ਉਹ ਉਸ ਦੀ ਵਡਿਆਈ ਕਰਦਾ ਹੈ, ਅਤੇ ਉਸ ਦੇ ਦਰ ਉੱਤੇ ਆਦਰ ਪ੍ਰਾਪਤ ਕਰਦਾ ਹੈ। ਉਹ ਮਨੁੱਖ ਸਦਾ ਉਸ ਦੇ ਨਾਮ ਵਿਚ ਜੁੜਿਆ ਰਹਿੰਦਾ ਹੈ, ਸਦਾ ਉਸ ਦੀ ਸਿਫ਼ਤਿ-ਸਾਲਾਹ ਕਰਦਾ ਹੈ।
(ਸੱਚੀ ਕੀਤੀ ਪਾਲਿਆ ਨਹੀਂ ਕਿ ਜੇ ਸਿਫ਼ਤਿ-ਸਾਲਾਹ ਕਰਨ ਦਾ ਵਲ ਸਭ ਸਕਦਾ) ਜੇਹੜਾ ਪ੍ਰਭੂ ਪੈਦਾ ਕਰ ਕੇ ਸੰਭਾਲ ਕਰਦਾ ਹੈ ਉਹੀ (ਸਿਫ਼ਤਿ-ਸਾਲਾਹ ਕਰਨ ਦੀ) ਅਕਲ ਬਖ਼ਸ਼ਦਾ ਹੈ ।੯।੨।੫।
English Translation:
SOOHEE, FIRST MEHL:
My mind is imbued with His Glorious Praises; I chant them, and He is pleasing to my mind. Truth is the ladder to the Guru; climbing up to the True Lord, peace is obtained. Celestial peace comes; the Truth pleases me. How could these True Teachings ever be erased? He Himself is Undeceivable; how could He ever be deceived by cleansing baths, charity, spiritual wisdom or ritual bathings? Fraud, attachment and corruption are taken away, as are falsehood, hypocrisy and duality. My mind is imbued with His Glorious Praises; I chant them, and He is pleasing to my mind. || 1 || So praise your Lord and Master, who created the creation. Filth sticks to the polluted mind; how rare are those who drink in the Ambrosial Nectar. Churn this Ambrosial Nectar, and drink it in; dedicate this mind to the Guru, and He will value it highly. I intuitively realized my God, when I linked my mind to the True Lord. I will sing the Lord's Glorious Praises with Him, if it pleases Him; how could I meet Him by being a stranger to Him? So praise your Lord and Master, who created the creation. || 2 || When He comes, what else remains behind? How can there be any coming or going then? When the mind is reconciled with its Beloved Lord, it is blended with Him. True is the speech of one who is imbued with the Love of his Lord and Master, who fashioned the body fortress from a mere bubble. He is the Master of the five elements; He Himself is the Creator Lord. He embellished the body with Truth. I am worthless; please hear me, O my Beloved! Whatever pleases You is True. One who is blessed with true understanding, does not come and go. || 3 || Apply such an ointment to your eyes, which is pleasing to your Beloved. I realize, understand and know Him, only if He Himself causes me to know Him. He Himself shows me the Way, and He Himself leads me to it, attracting my mind. He Himself causes us to do good and bad deeds; who can know the value of the Mysterious Lord? I know nothing of Tantric spells, magical mantras and hypocritical rituals; enshrining the Lord within my heart, my mind is satisfied. The ointment of the Naam, the Name of the Lord, is only understood by one who realizes the Lord, through the Word of the Guru's Shabad. || 4 || I have my own friends; why should I go to the home of a stranger? My friends are imbued with the True Lord; He is with them, in their minds. In their minds, these friends celebrate in happiness; all good karma, righteousness and Dharma, the sixty-eight holy places of pilgrimage, charity and worship, are found in the love of the True Name. He Himself creates, establishes and beholds all, by the Pleasure of His Will. My friends are happy in the Love of the Lord; they nurture love for their Beloved. || 5 || If a blind man is made the leader, how will he know the way? He is impaired, and his understanding is inadequate; how will he know the way? How can he follow the path and reach the Mansion of the Lord's Presence? Blind is the understanding of the blind. Without the Lord's Name, they cannot see anything; the blind are drowned in worldly entanglements. Day and night, the Divine Light shines forth and joy wells up, when the Word of the Guru's Shabad abides in the mind. With your palms pressed together, pray to the Guru to show you the way. || 6 || If the man becomes a stranger to God, then all the world becomes a stranger to him. Unto whom should I tie up and give the bundle of my pains? The whole world is overflowing with pain and suffering; who can know the state of my inner self? Comings and goings are terrible and dreadful; there is no end to the rounds of reincarnation. Without the Naam, he is vacant and sad; he does not listen to the Word of the Guru's Shabad. If the mind becomes a stranger to God, then all the world becomes a stranger to him. || 7 || One who finds the Guru's Mansion within the home of his own being, merges in the All-pervading Lord. The sevadar performs selfless service when he is pleased, and confirmed in the True Word of the Shabad. Confirmed in the Shabad, with her being softened by devotion, the bride dwells in the Mansion of the Lord's Presence, deep within her being. The Creator Himself creates; God Himself, in the end, is endless. Through the Word of the Guru's Shabad, the mortal is united, and then embellished; the unstruck melody of the sound current resounds. One who finds the Guru's Mansion within the home of his own being, merges in the All-pervading Lord. || 8 || Why praise that which is created? Praise instead the One who created it and watches over it. His value cannot be estimated, no matter how much one may wish. He alone can estimate the Lord's value, whom the Lord Himself causes to know. He is not mistaken; He does not make mistakes. He alone celebrates victory, who is pleasing to You, through the Invaluable Word of the Guru's Shabad. I am lowly and abject — I offer my prayer; may I never forsake the True Name, O Sibling of Destiny. O Nanak, the One who created the creation, watches over it; He alone bestows understanding. || 9 || 2 || 5 ||
Tuesday, 11th Maghar (Samvat 551 Nanakshahi) 26th November 2019 (Page: 766)
